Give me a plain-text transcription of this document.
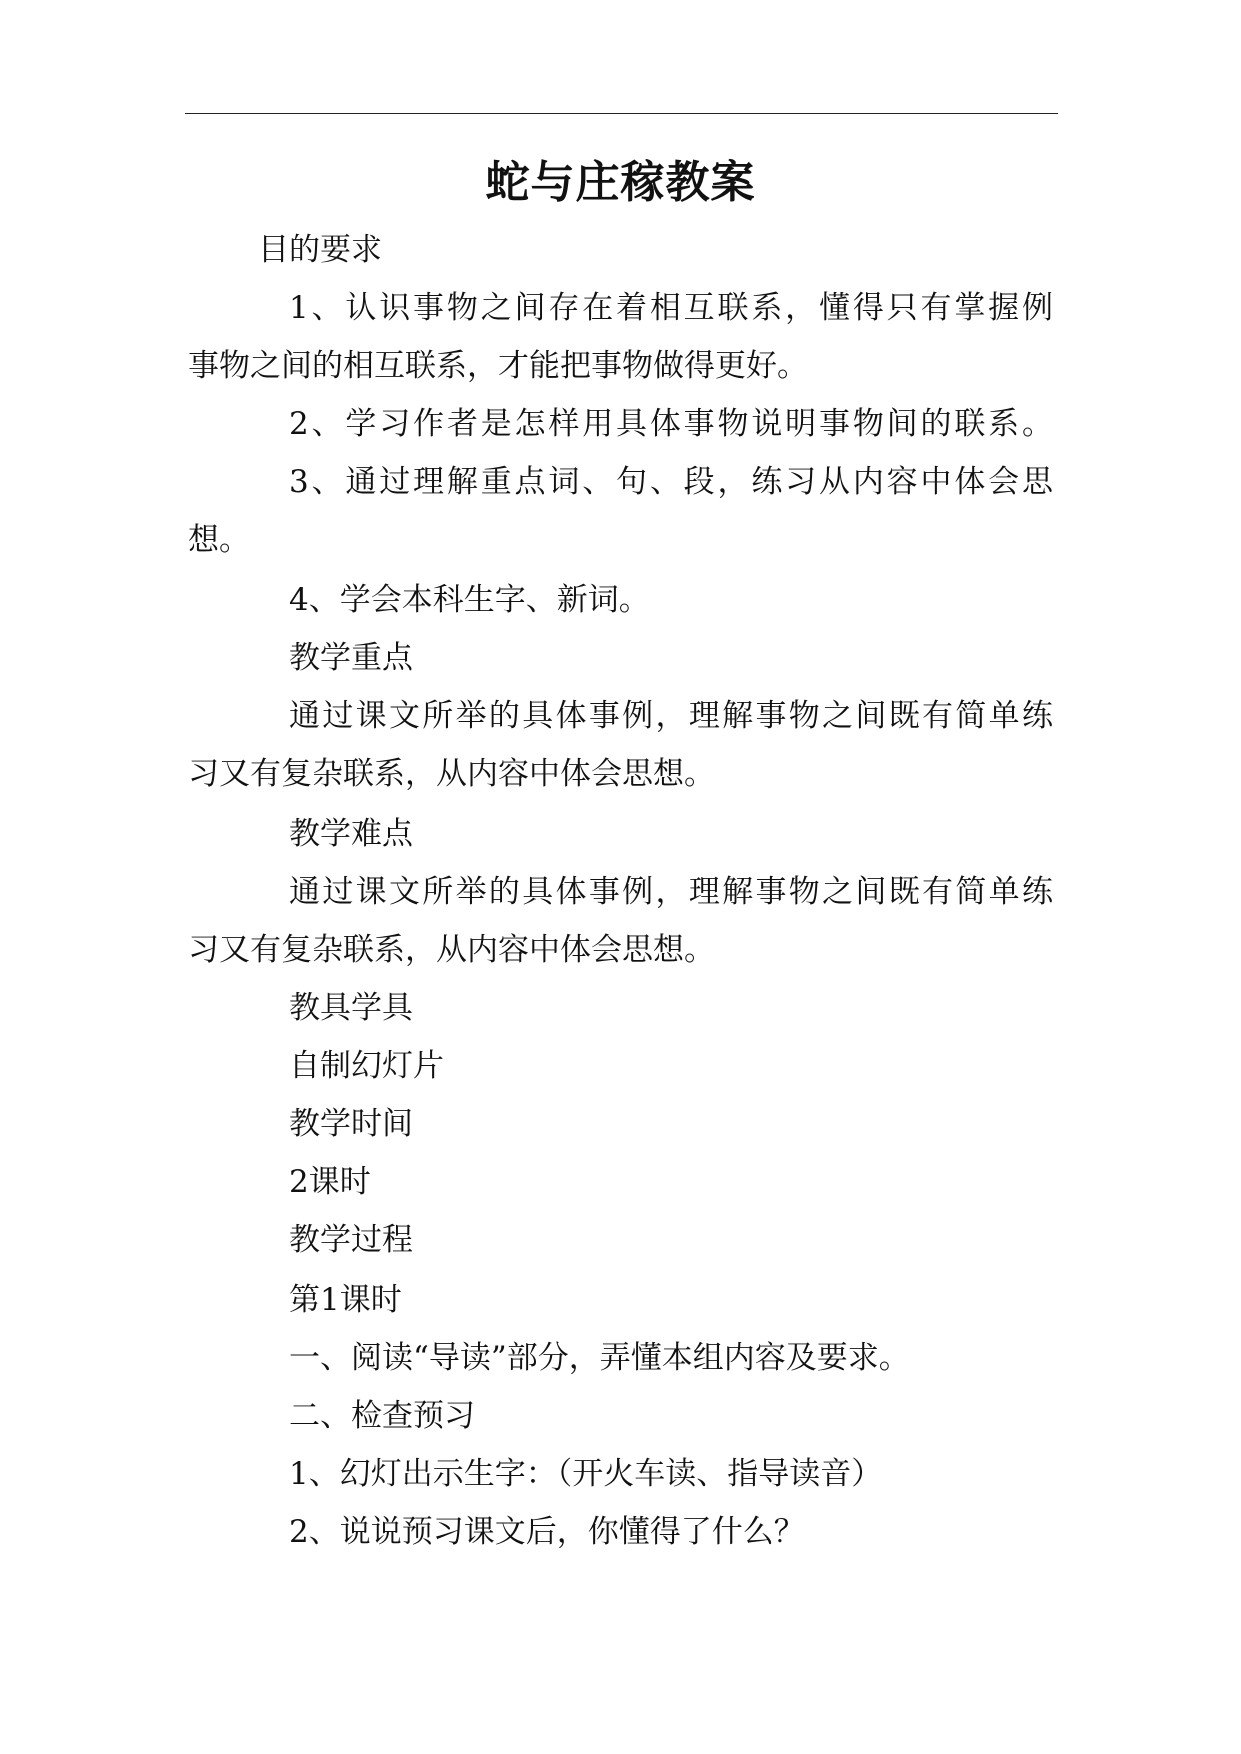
蛇与庄稼教案
目的要求
1、认识事物之间存在着相互联系，懂得只有掌握例
事物之间的相互联系，才能把事物做得更好。
2、学习作者是怎样用具体事物说明事物间的联系。
3、通过理解重点词、句、段，练习从内容中体会思
想。
4、学会本科生字、新词。
教学重点
通过课文所举的具体事例，理解事物之间既有简单练
习又有复杂联系，从内容中体会思想。
教学难点
通过课文所举的具体事例，理解事物之间既有简单练
习又有复杂联系，从内容中体会思想。
教具学具
自制幻灯片
教学时间
2课时
教学过程
第1课时
一、阅读“导读”部分，弄懂本组内容及要求。
二、检查预习
1、幻灯出示生字：（开火车读、指导读音）
2、说说预习课文后，你懂得了什么？
